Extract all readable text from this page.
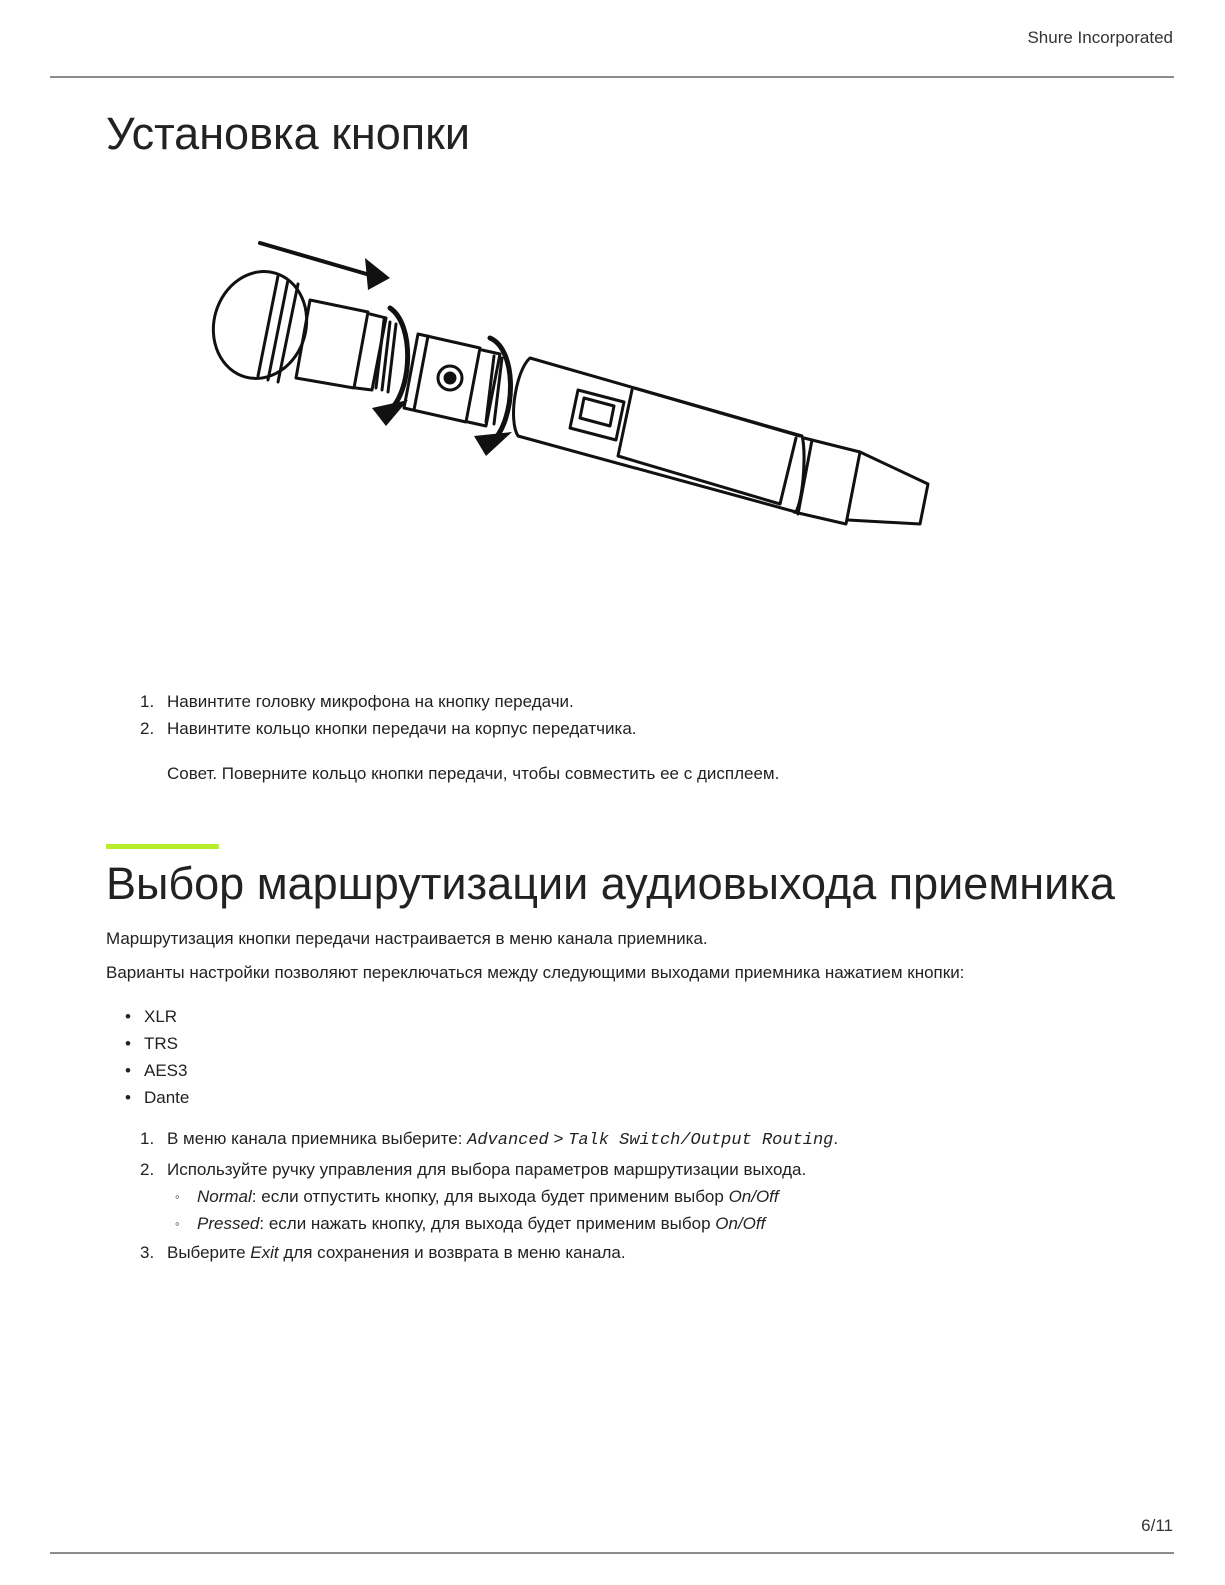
Shure Incorporated
Установка кнопки
1. Навинтите головку микрофона на кнопку передачи.
2. Навинтите кольцо кнопки передачи на корпус передатчика.
Совет. Поверните кольцо кнопки передачи, чтобы совместить ее с дисплеем.
Выбор маршрутизации аудиовыхода приемника

Маршрутизация кнопки передачи настраивается в меню канала приемника.

Варианты настройки позволяют переключаться между следующими выходами приемника нажатием кнопки:

• XLR
• TRS
• AES3
• Dante
1. В меню канала приемника выберите: Advanced > Talk Switch/Output Routing.
2. Используйте ручку управления для выбора параметров маршрутизации выхода.
◦ Normal: если отпустить кнопку, для выхода будет применим выбор On/Off
◦ Pressed: если нажать кнопку, для выхода будет применим выбор On/Off
3. Выберите Exit для сохранения и возврата в меню канала.
6/11
